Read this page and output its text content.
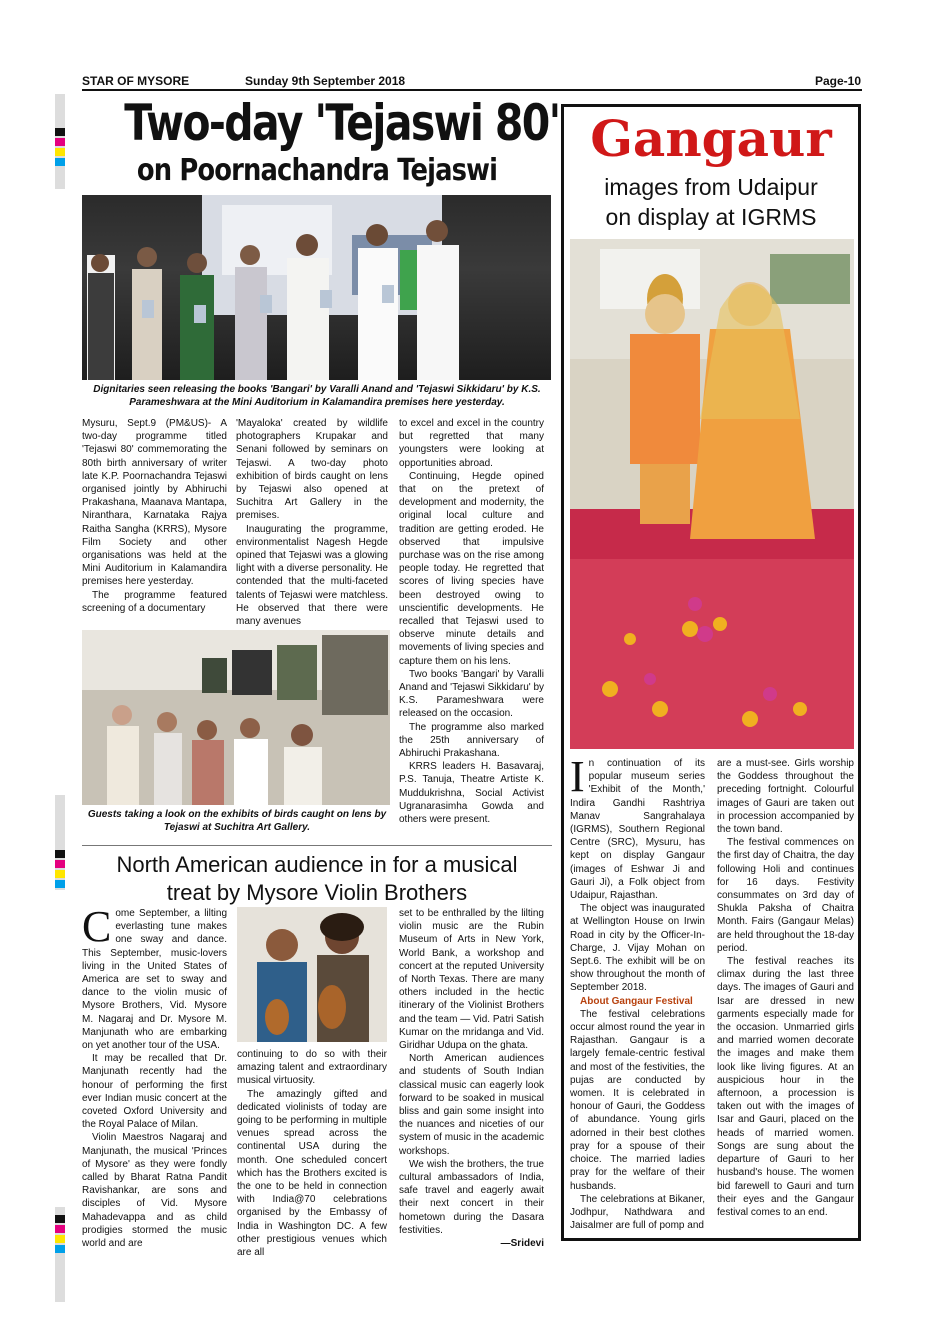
STAR OF MYSORE	Sunday 9th September 2018	Page-10
Two-day 'Tejaswi 80'
on Poornachandra Tejaswi
Dignitaries seen releasing the books 'Bangari' by Varalli Anand and 'Tejaswi Sikkidaru' by K.S. Parameshwara at the Mini Auditorium in Kalamandira premises here yesterday.

Mysuru, Sept.9 (PM&US)- A two-day programme titled 'Tejaswi 80' commemorating the 80th birth anniversary of writer late K.P. Poornachandra Tejaswi organised jointly by Abhiruchi Prakashana, Maanava Mantapa, Niranthara, Karnataka Rajya Raitha Sangha (KRRS), Mysore Film Society and other organisations was held at the Mini Auditorium in Kalamandira premises here yesterday.

The programme featured screening of a documentary

'Mayaloka' created by wildlife photographers Krupakar and Senani followed by seminars on Tejaswi. A two-day photo exhibition of birds caught on lens by Tejaswi also opened at Suchitra Art Gallery in the premises.

Inaugurating the programme, environmentalist Nagesh Hegde opined that Tejaswi was a glowing light with a diverse personality. He contended that the multi-faceted talents of Tejaswi were matchless. He observed that there were many avenues

to excel and excel in the country but regretted that many youngsters were looking at opportunities abroad.

Continuing, Hegde opined that on the pretext of development and modernity, the original local culture and tradition are getting eroded. He observed that impulsive purchase was on the rise among people today. He regretted that scores of living species have been destroyed owing to unscientific developments. He recalled that Tejaswi used to observe minute details and movements of living species and capture them on his lens.

Two books 'Bangari' by Varalli Anand and 'Tejaswi Sikkidaru' by K.S. Parameshwara were released on the occasion.

The programme also marked the 25th anniversary of Abhiruchi Prakashana.

KRRS leaders H. Basavaraj, P.S. Tanuja, Theatre Artiste K. Muddukrishna, Social Activist Ugranarasimha Gowda and others were present.

Guests taking a look on the exhibits of birds caught on lens by Tejaswi at Suchitra Art Gallery.
North American audience in for a musical
treat by Mysore Violin Brothers

Come September, a lilting everlasting tune makes one sway and dance. This September, music-lovers living in the United States of America are set to sway and dance to the violin music of Mysore Brothers, Vid. Mysore M. Nagaraj and Dr. Mysore M. Manjunath who are embarking on yet another tour of the USA.

It may be recalled that Dr. Manjunath recently had the honour of performing the first ever Indian music concert at the coveted Oxford University and the Royal Palace of Milan.

Violin Maestros Nagaraj and Manjunath, the musical 'Princes of Mysore' as they were fondly called by Bharat Ratna Pandit Ravishankar, are sons and disciples of Vid. Mysore Mahadevappa and as child prodigies stormed the music world and are

continuing to do so with their amazing talent and extraordinary musical virtuosity.

The amazingly gifted and dedicated violinists of today are going to be performing in multiple venues spread across the continental USA during the month. One scheduled concert which has the Brothers excited is the one to be held in connection with India@70 celebrations organised by the Embassy of India in Washington DC. A few other prestigious venues which are all

set to be enthralled by the lilting violin music are the Rubin Museum of Arts in New York, World Bank, a workshop and concert at the reputed University of North Texas. There are many others included in the hectic itinerary of the Violinist Brothers and the team — Vid. Patri Satish Kumar on the mridanga and Vid. Giridhar Udupa on the ghata.

North American audiences and students of South Indian classical music can eagerly look forward to be soaked in musical bliss and gain some insight into the nuances and niceties of our system of music in the academic workshops.

We wish the brothers, the true cultural ambassadors of India, safe travel and eagerly await their next concert in their hometown during the Dasara festivities.

—Sridevi

Gangaur
images from Udaipur
on display at IGRMS

In continuation of its popular museum series 'Exhibit of the Month,' Indira Gandhi Rashtriya Manav Sangrahalaya (IGRMS), Southern Regional Centre (SRC), Mysuru, has kept on display Gangaur (images of Eshwar Ji and Gauri Ji), a Folk object from Udaipur, Rajasthan.

The object was inaugurated at Wellington House on Irwin Road in city by the Officer-In-Charge, J. Vijay Mohan on Sept.6. The exhibit will be on show throughout the month of September 2018.

About Gangaur Festival

The festival celebrations occur almost round the year in Rajasthan. Gangaur is a largely female-centric festival and most of the festivities, the pujas are conducted by women. It is celebrated in honour of Gauri, the Goddess of abundance. Young girls adorned in their best clothes pray for a spouse of their choice. The married ladies pray for the welfare of their husbands.

The celebrations at Bikaner, Jodhpur, Nathdwara and Jaisalmer are full of pomp and

are a must-see. Girls worship the Goddess throughout the preceding fortnight. Colourful images of Gauri are taken out in procession accompanied by the town band.

The festival commences on the first day of Chaitra, the day following Holi and continues for 16 days. Festivity consummates on 3rd day of Shukla Paksha of Chaitra Month. Fairs (Gangaur Melas) are held throughout the 18-day period.

The festival reaches its climax during the last three days. The images of Gauri and Isar are dressed in new garments especially made for the occasion. Unmarried girls and married women decorate the images and make them look like living figures. At an auspicious hour in the afternoon, a procession is taken out with the images of Isar and Gauri, placed on the heads of married women. Songs are sung about the departure of Gauri to her husband's house. The women bid farewell to Gauri and turn their eyes and the Gangaur festival comes to an end.
